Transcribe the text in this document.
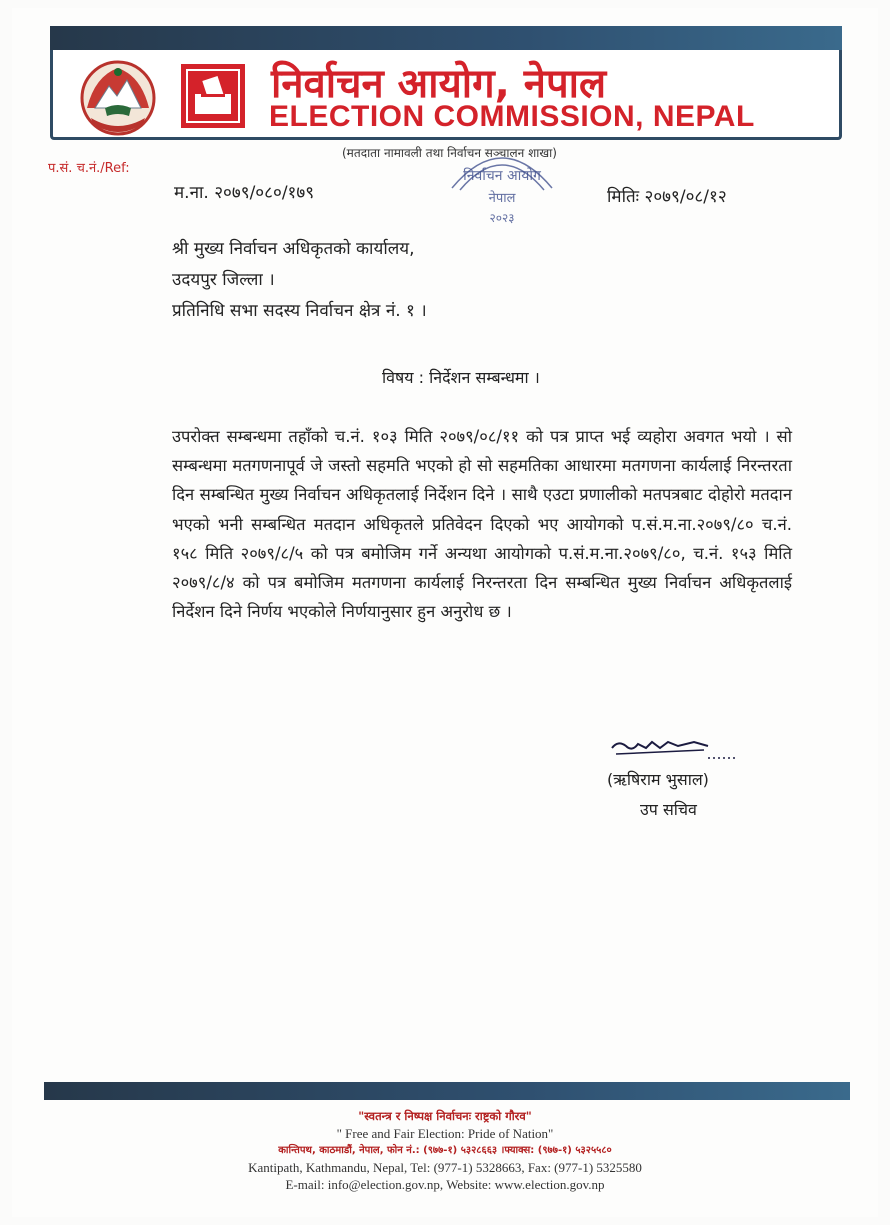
निर्वाचन आयोग, नेपाल
ELECTION COMMISSION, NEPAL
(मतदाता नामावली तथा निर्वाचन सञ्चालन शाखा)
निर्वाचन आयोग
नेपाल
२०२३
प.सं. च.नं./Ref:
म.ना. २०७९/०८०/१७९	मितिः २०७९/०८/१२
श्री मुख्य निर्वाचन अधिकृतको कार्यालय,
उदयपुर जिल्ला ।
प्रतिनिधि सभा सदस्य निर्वाचन क्षेत्र नं. १ ।
विषय : निर्देशन सम्बन्धमा ।
उपरोक्त सम्बन्धमा तहाँको च.नं. १०३ मिति २०७९/०८/११ को पत्र प्राप्त भई व्यहोरा अवगत भयो । सो सम्बन्धमा मतगणनापूर्व जे जस्तो सहमति भएको हो सो सहमतिका आधारमा मतगणना कार्यलाई निरन्तरता दिन सम्बन्धित मुख्य निर्वाचन अधिकृतलाई निर्देशन दिने । साथै एउटा प्रणालीको मतपत्रबाट दोहोरो मतदान भएको भनी सम्बन्धित मतदान अधिकृतले प्रतिवेदन दिएको भए आयोगको प.सं.म.ना.२०७९/८० च.नं. १५८ मिति २०७९/८/५ को पत्र बमोजिम गर्ने अन्यथा आयोगको प.सं.म.ना.२०७९/८०, च.नं. १५३ मिति २०७९/८/४ को पत्र बमोजिम मतगणना कार्यलाई निरन्तरता दिन सम्बन्धित मुख्य निर्वाचन अधिकृतलाई निर्देशन दिने निर्णय भएकोले निर्णयानुसार हुन अनुरोध छ ।
(ऋषिराम भुसाल)
उप सचिव
"स्वतन्त्र र निष्पक्ष निर्वाचनः राष्ट्रको गौरव"
" Free and Fair Election: Pride of Nation"
कान्तिपथ, काठमाडौं, नेपाल, फोन नं.: (९७७-१) ५३२८६६३ ।फ्याक्स: (९७७-१) ५३२५५८०
Kantipath, Kathmandu, Nepal, Tel: (977-1) 5328663, Fax: (977-1) 5325580
E-mail: info@election.gov.np, Website: www.election.gov.np
